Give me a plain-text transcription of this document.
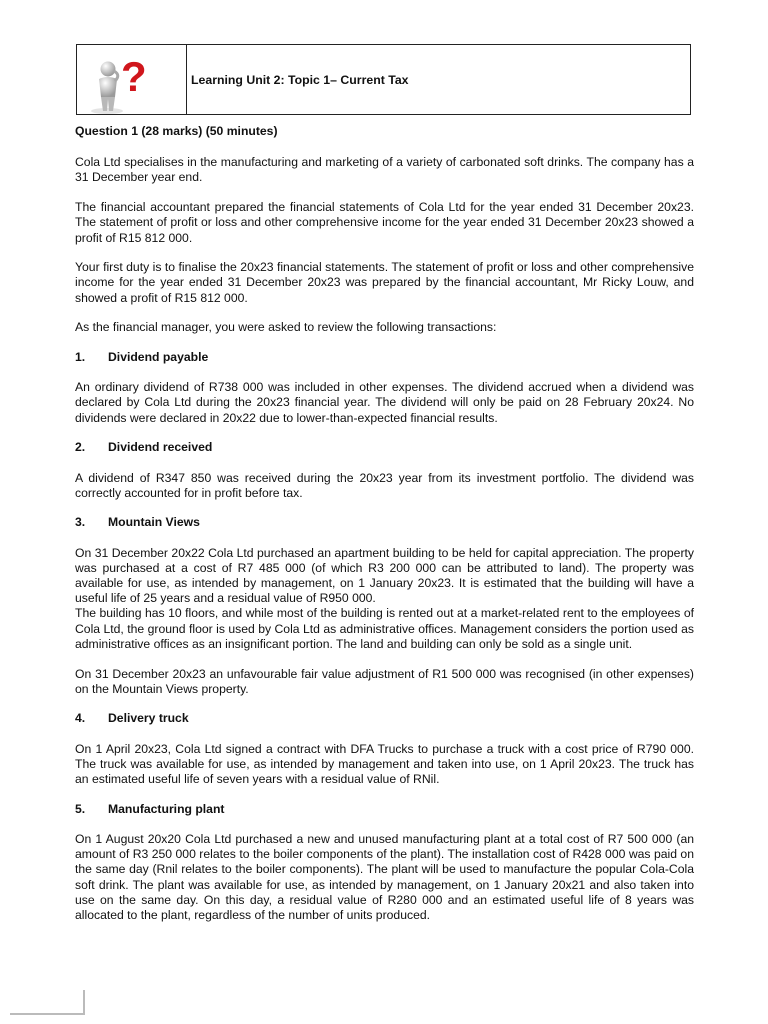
?	Learning Unit 2: Topic 1– Current Tax
Question 1 (28 marks) (50 minutes)

Cola Ltd specialises in the manufacturing and marketing of a variety of carbonated soft drinks. The company has a 31 December year end.

The financial accountant prepared the financial statements of Cola Ltd for the year ended 31 December 20x23. The statement of profit or loss and other comprehensive income for the year ended 31 December 20x23 showed a profit of R15 812 000.

Your first duty is to finalise the 20x23 financial statements. The statement of profit or loss and other comprehensive income for the year ended 31 December 20x23 was prepared by the financial accountant, Mr Ricky Louw, and showed a profit of R15 812 000.

As the financial manager, you were asked to review the following transactions:

1.	Dividend payable

An ordinary dividend of R738 000 was included in other expenses. The dividend accrued when a dividend was declared by Cola Ltd during the 20x23 financial year. The dividend will only be paid on 28 February 20x24. No dividends were declared in 20x22 due to lower-than-expected financial results.

2.	Dividend received

A dividend of R347 850 was received during the 20x23 year from its investment portfolio. The dividend was correctly accounted for in profit before tax.

3.	Mountain Views

On 31 December 20x22 Cola Ltd purchased an apartment building to be held for capital appreciation. The property was purchased at a cost of R7 485 000 (of which R3 200 000 can be attributed to land). The property was available for use, as intended by management, on 1 January 20x23. It is estimated that the building will have a useful life of 25 years and a residual value of R950 000.

The building has 10 floors, and while most of the building is rented out at a market-related rent to the employees of Cola Ltd, the ground floor is used by Cola Ltd as administrative offices. Management considers the portion used as administrative offices as an insignificant portion. The land and building can only be sold as a single unit.

On 31 December 20x23 an unfavourable fair value adjustment of R1 500 000 was recognised (in other expenses) on the Mountain Views property.

4.	Delivery truck

On 1 April 20x23, Cola Ltd signed a contract with DFA Trucks to purchase a truck with a cost price of R790 000. The truck was available for use, as intended by management and taken into use, on 1 April 20x23. The truck has an estimated useful life of seven years with a residual value of RNil.

5.	Manufacturing plant

On 1 August 20x20 Cola Ltd purchased a new and unused manufacturing plant at a total cost of R7 500 000 (an amount of R3 250 000 relates to the boiler components of the plant). The installation cost of R428 000 was paid on the same day (Rnil relates to the boiler components). The plant will be used to manufacture the popular Cola-Cola soft drink. The plant was available for use, as intended by management, on 1 January 20x21 and also taken into use on the same day. On this day, a residual value of R280 000 and an estimated useful life of 8 years was allocated to the plant, regardless of the number of units produced.
